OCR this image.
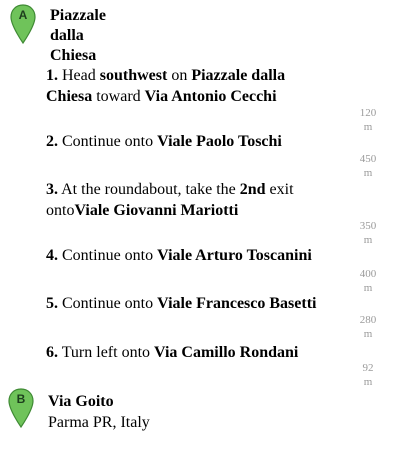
A	Piazzale
dalla
Chiesa
1. Head southwest on Piazzale dalla
Chiesa toward Via Antonio Cecchi
120
m
2. Continue onto Viale Paolo Toschi
450
m
3. At the roundabout, take the 2nd exit
ontoViale Giovanni Mariotti
350
m
4. Continue onto Viale Arturo Toscanini
400
m
5. Continue onto Viale Francesco Basetti
280
m
6. Turn left onto Via Camillo Rondani
92
m
B	Via Goito
Parma PR, Italy
